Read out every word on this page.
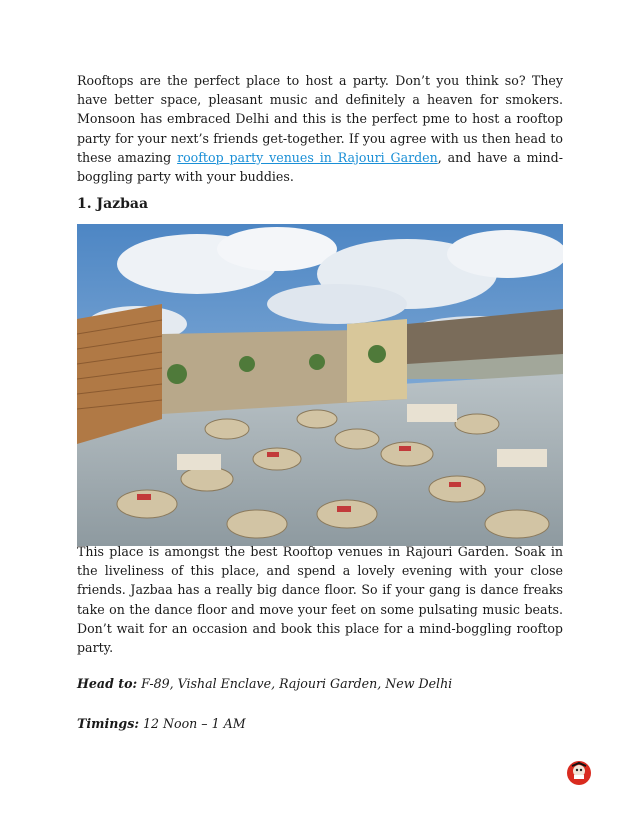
Rooftops are the perfect place to host a party. Don’t you think so? They have better space, pleasant music and definitely a heaven for smokers. Monsoon has embraced Delhi and this is the perfect pme to host a rooftop party for your next’s friends get-together. If you agree with us then head to these amazing rooftop party venues in Rajouri Garden, and have a mind-boggling party with your buddies.

1. Jazbaa

This place is amongst the best Rooftop venues in Rajouri Garden. Soak in the liveliness of this place, and spend a lovely evening with your close friends. Jazbaa has a really big dance floor. So if your gang is dance freaks take on the dance floor and move your feet on some pulsating music beats. Don’t wait for an occasion and book this place for a mind-boggling rooftop party.

Head to: F-89, Vishal Enclave, Rajouri Garden, New Delhi

Timings: 12 Noon – 1 AM
